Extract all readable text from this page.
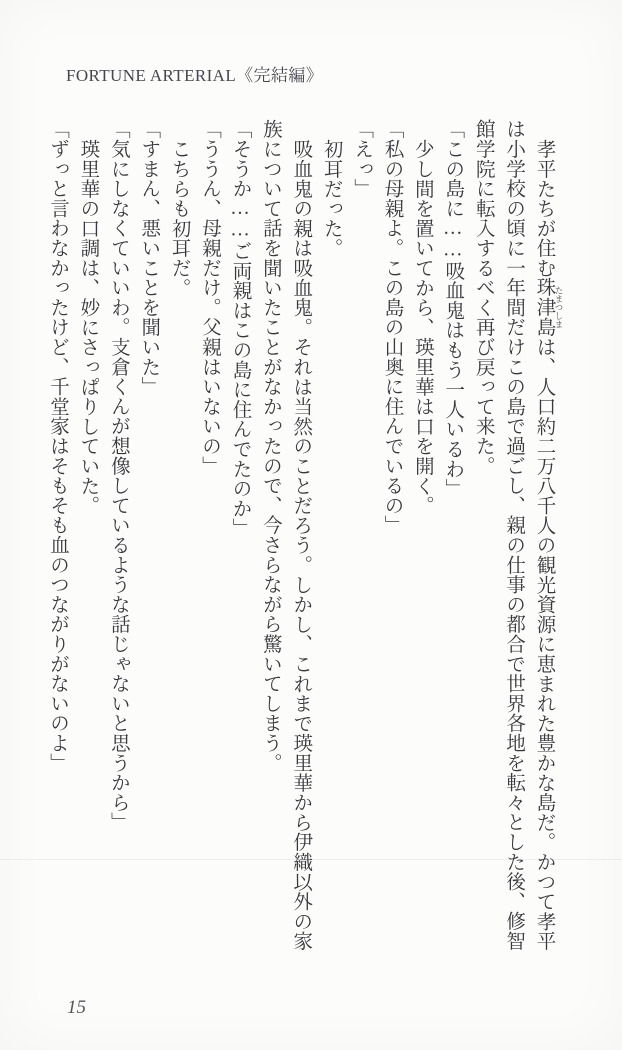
FORTUNE ARTERIAL《完結編》

孝平たちが住む珠津島 たまつしまは、人口約二万八千人の観光資源に恵まれた豊かな島だ。かつて孝平は小学校の頃に一年間だけこの島で過ごし、親の仕事の都合で世界各地を転々とした後、修智館学院に転入するべく再び戻って来た。

「この島に……吸血鬼はもう一人いるわ」

少し間を置いてから、瑛里華は口を開く。

「私の母親よ。この島の山奥に住んでいるの」

「えっ」

初耳だった。

吸血鬼の親は吸血鬼。それは当然のことだろう。しかし、これまで瑛里華から伊織以外の家族について話を聞いたことがなかったので、今さらながら驚いてしまう。

「そうか……ご両親はこの島に住んでたのか」

「ううん、母親だけ。父親はいないの」

こちらも初耳だ。

「すまん、悪いことを聞いた」

「気にしなくていいわ。支倉くんが想像しているような話じゃないと思うから」

瑛里華の口調は、妙にさっぱりしていた。

「ずっと言わなかったけど、千堂家はそもそも血のつながりがないのよ」

15
